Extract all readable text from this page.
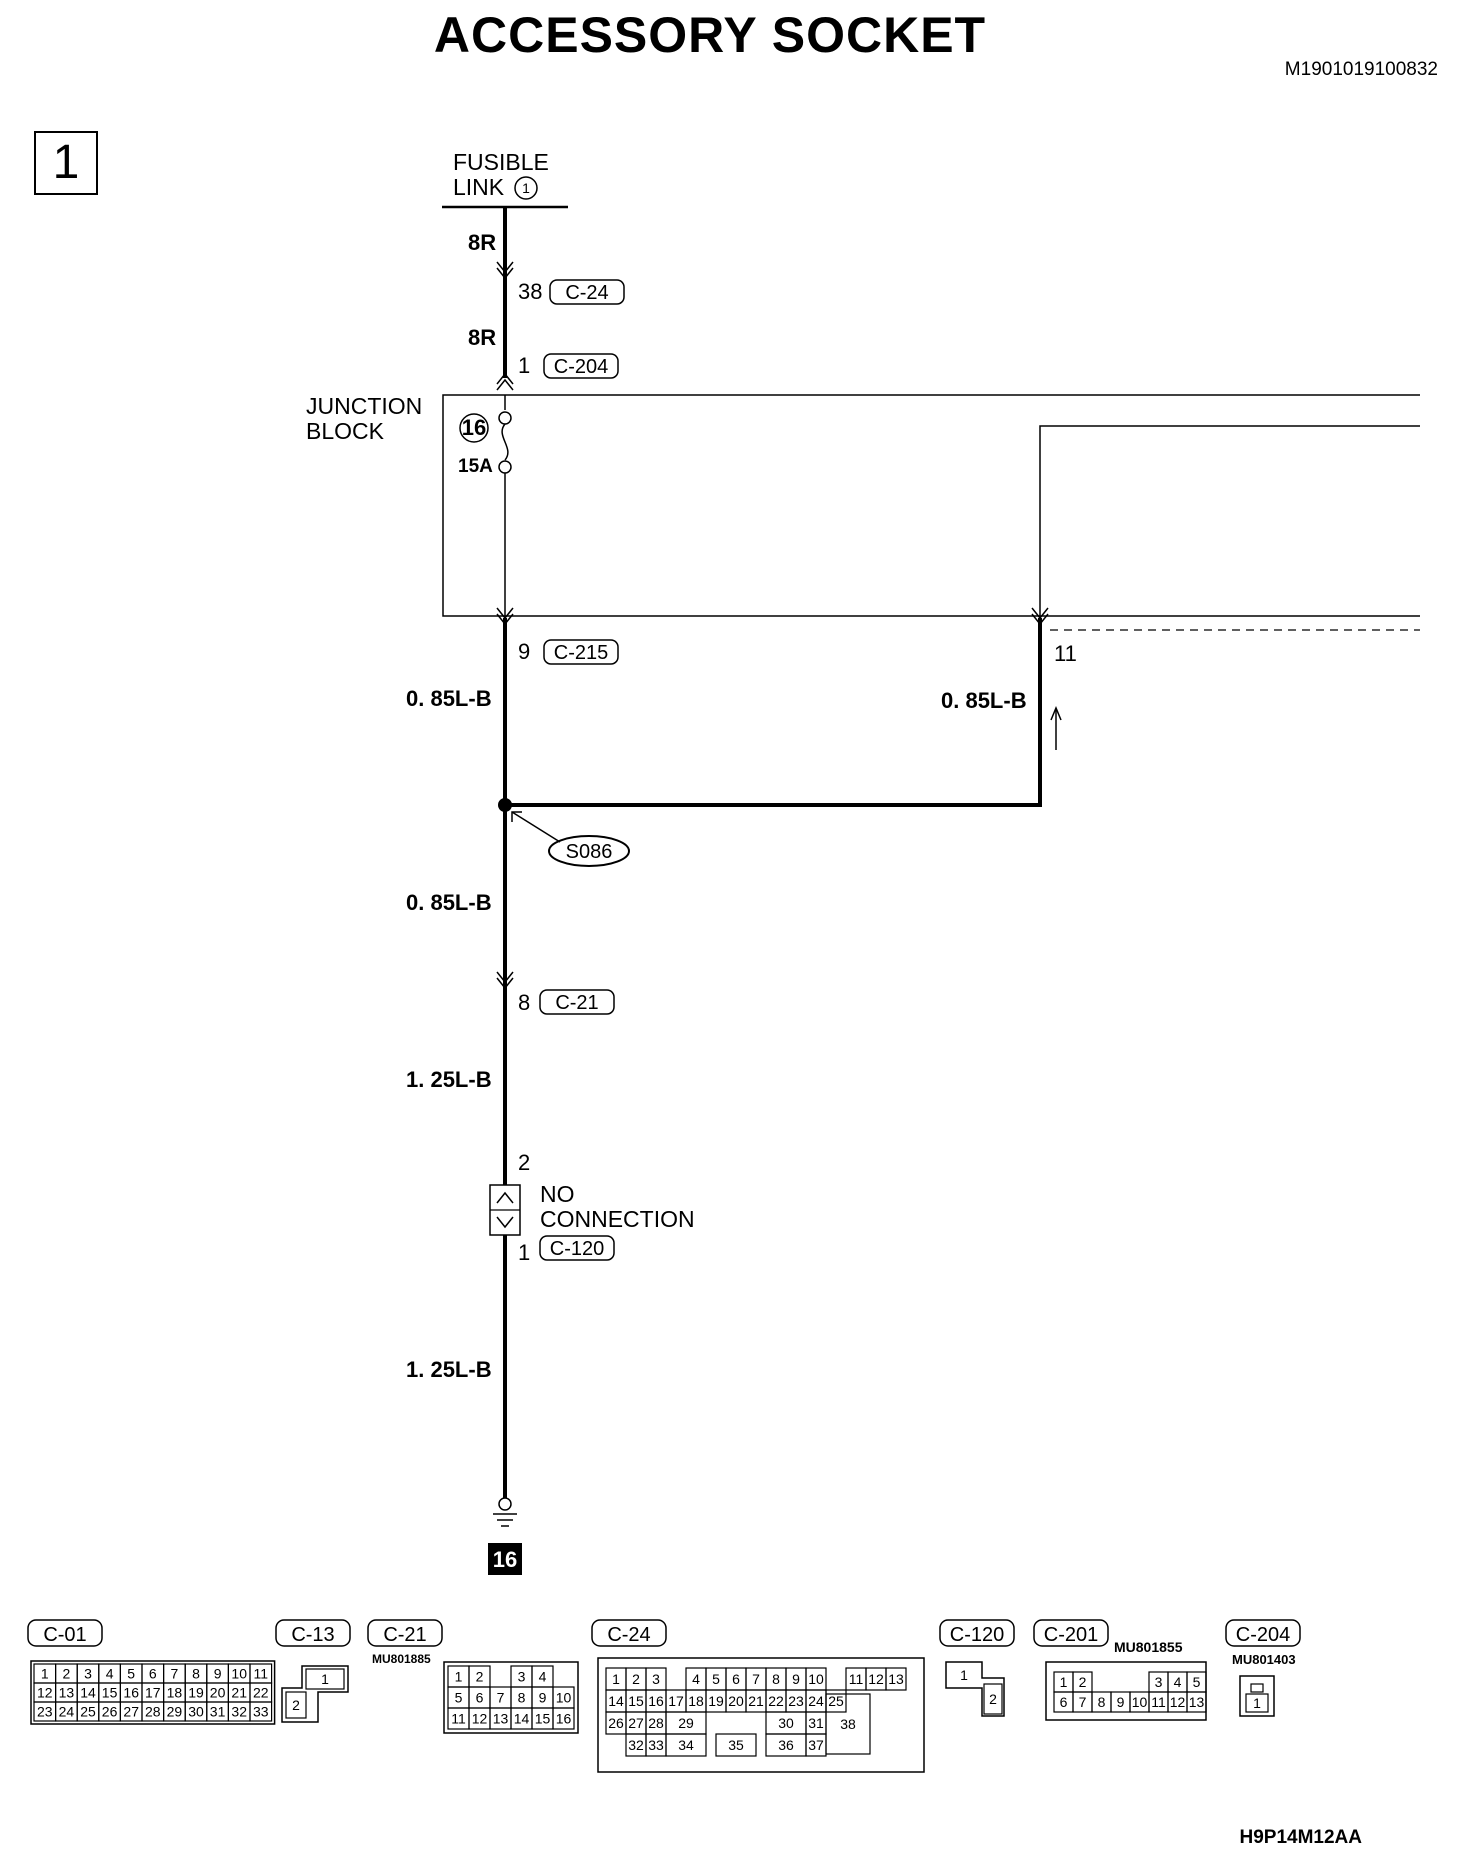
ACCESSORY SOCKET
M1901019100832
1
H9P14M12AA
FUSIBLE
LINK 1
8R
38 C-24
8R
1 C-204
JUNCTION
BLOCK	16
15A
9 C-215	11
0. 85L-B	0. 85L-B
S086
0. 85L-B
8 C-21
1. 25L-B
2
NO
CONNECTION
1 C-120
1. 25L-B
16
C-01
1 2 3 4 5 6 7 8 9 10 11
12 13 14 15 16 17 18 19 20 21 22
23 24 25 26 27 28 29 30 31 32 33
C-13
1
2
C-21
MU801885
1 2 3 4
5 6 7 8 9 10
11 12 13 14 15 16
C-24
1 2 3 4 5 6 7 8 9 10 11 12 13
14 15 16 17 18 19 20 21 22 23 24 25
26 27 28 29	30 31 38
32 33 34 35 36 37
C-120
1
2
C-201
MU801855
1 2	3 4 5
6 7 8 9 10 11 12 13
C-204
MU801403
1
